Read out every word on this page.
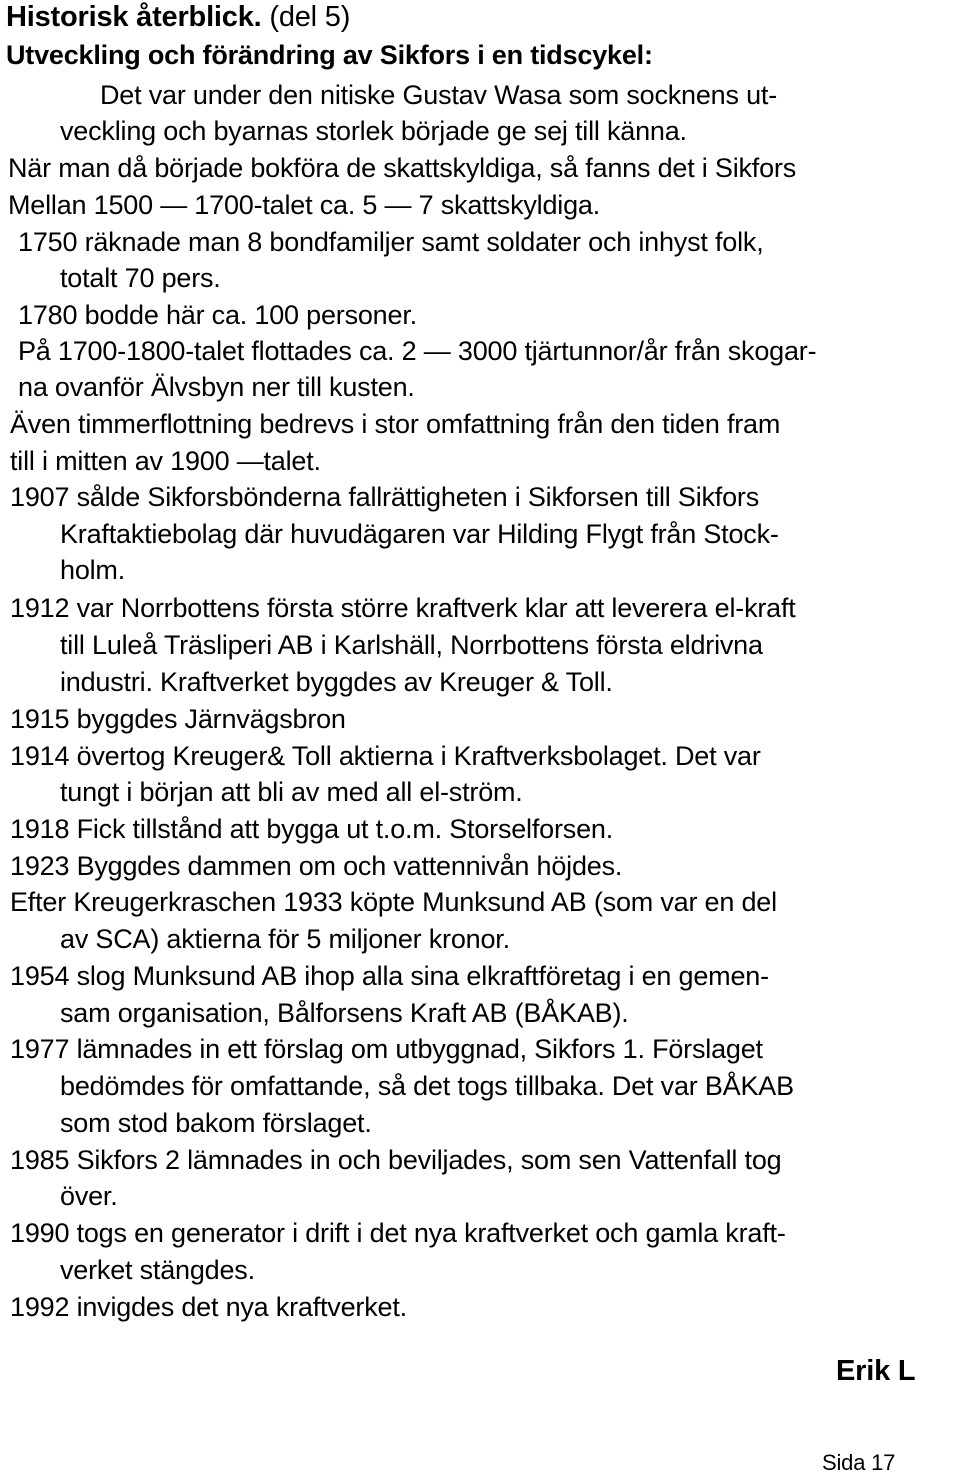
Historisk återblick. (del 5)
Utveckling och förändring av Sikfors i en tidscykel:
Det var under den nitiske Gustav Wasa som socknens ut-
veckling och byarnas storlek började ge sej till känna.
När man då började bokföra de skattskyldiga, så fanns det i Sikfors
Mellan 1500 — 1700-talet ca. 5 — 7 skattskyldiga.
1750 räknade man 8 bondfamiljer samt soldater och inhyst folk,
totalt 70 pers.
1780 bodde här ca. 100 personer.
På 1700-1800-talet flottades ca. 2 — 3000 tjärtunnor/år från skogar-
na ovanför Älvsbyn ner till kusten.
Även timmerflottning bedrevs i stor omfattning från den tiden fram
till i mitten av 1900 —talet.
1907 sålde Sikforsbönderna fallrättigheten i Sikforsen till Sikfors
Kraftaktiebolag där huvudägaren var Hilding Flygt från Stock-
holm.
1912 var Norrbottens första större kraftverk klar att leverera el-kraft
till Luleå Träsliperi AB i Karlshäll, Norrbottens första eldrivna
industri. Kraftverket byggdes av Kreuger & Toll.
1915 byggdes Järnvägsbron
1914 övertog Kreuger& Toll aktierna i Kraftverksbolaget. Det var
tungt i början att bli av med all el-ström.
1918 Fick tillstånd att bygga ut t.o.m. Storselforsen.
1923 Byggdes dammen om och vattennivån höjdes.
Efter Kreugerkraschen 1933 köpte Munksund AB (som var en del
av SCA) aktierna för 5 miljoner kronor.
1954 slog Munksund AB ihop alla sina elkraftföretag i en gemen-
sam organisation, Bålforsens Kraft AB (BÅKAB).
1977 lämnades in ett förslag om utbyggnad, Sikfors 1. Förslaget
bedömdes för omfattande, så det togs tillbaka. Det var BÅKAB
som stod bakom förslaget.
1985 Sikfors 2 lämnades in och beviljades, som sen Vattenfall tog
över.
1990 togs en generator i drift i det nya kraftverket och gamla kraft-
verket stängdes.
1992 invigdes det nya kraftverket.
Erik L
Sida 17
